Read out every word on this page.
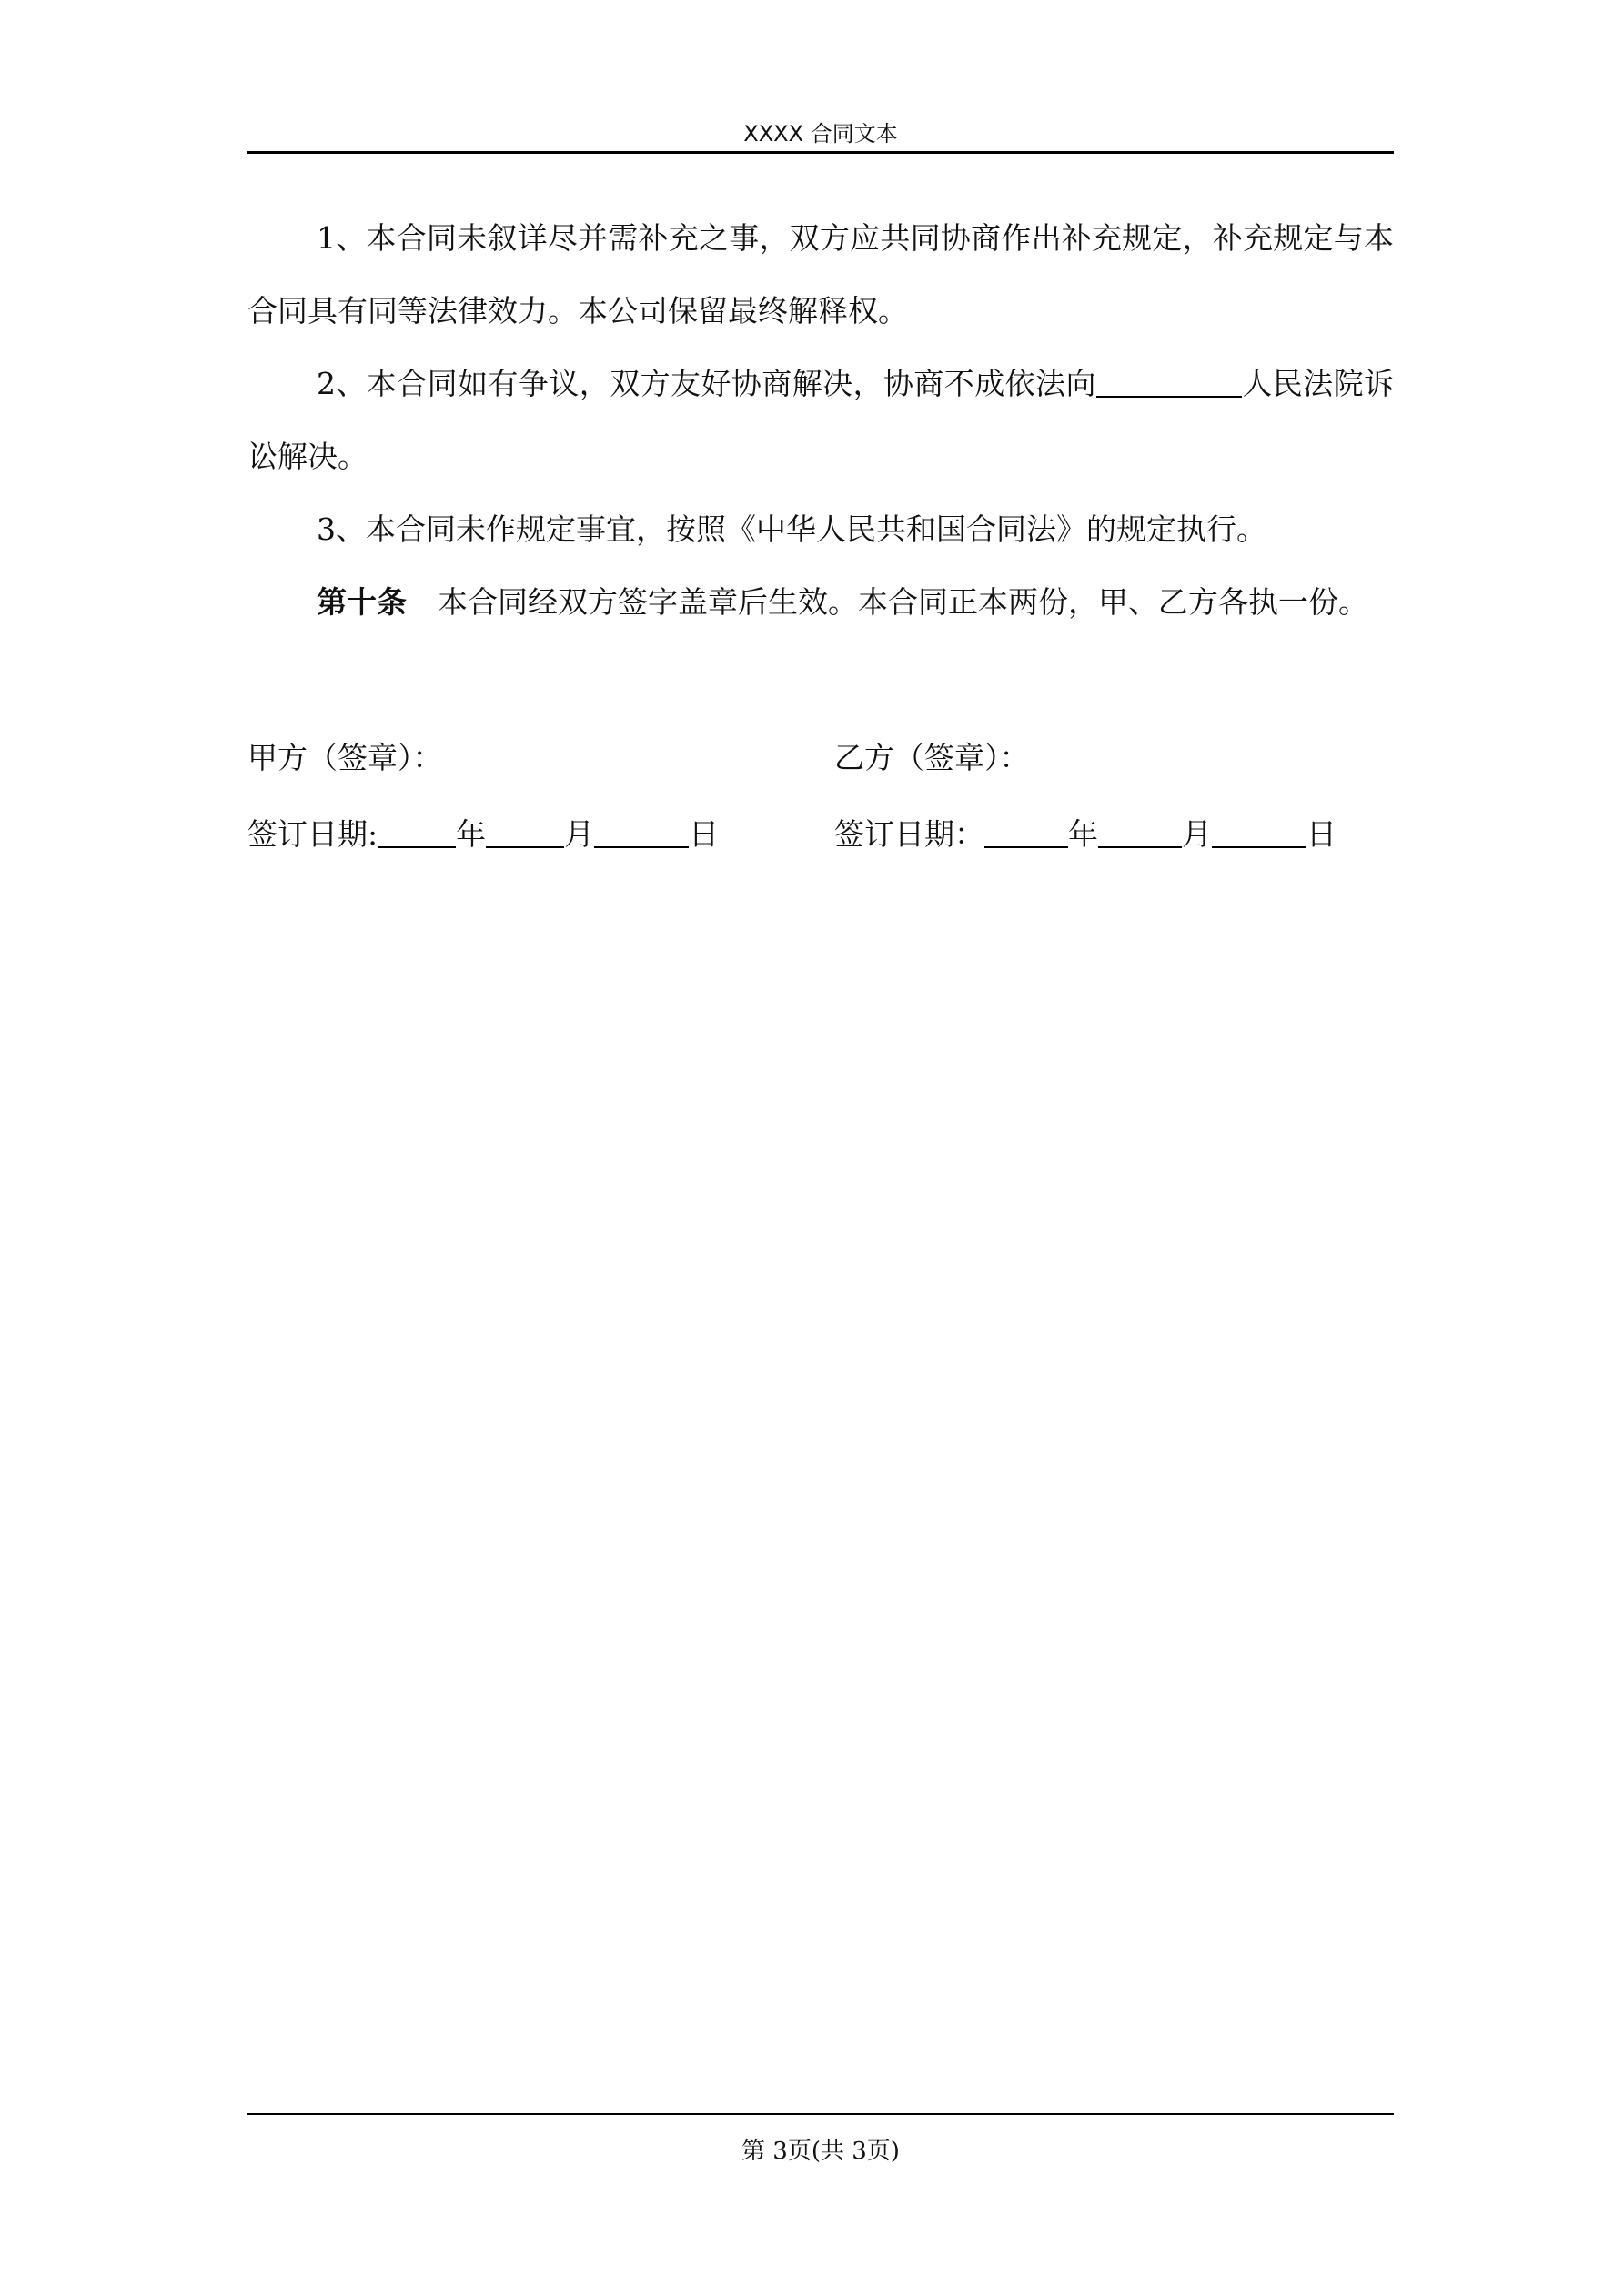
XXXX 合同文本

1、本合同未叙详尽并需补充之事，双方应共同协商作出补充规定，补充规定与本合同具有同等法律效力。本公司保留最终解释权。

2、本合同如有争议，双方友好协商解决，协商不成依法向	人民法院诉讼解决。

3、本合同未作规定事宜，按照《中华人民共和国合同法》的规定执行。

第十条 本合同经双方签字盖章后生效。本合同正本两份，甲、乙方各执一份。

甲方（签章）：	乙方（签章）：
签订日期:	年	月	日	签订日期：	年	月	日
第 3页(共 3页)
